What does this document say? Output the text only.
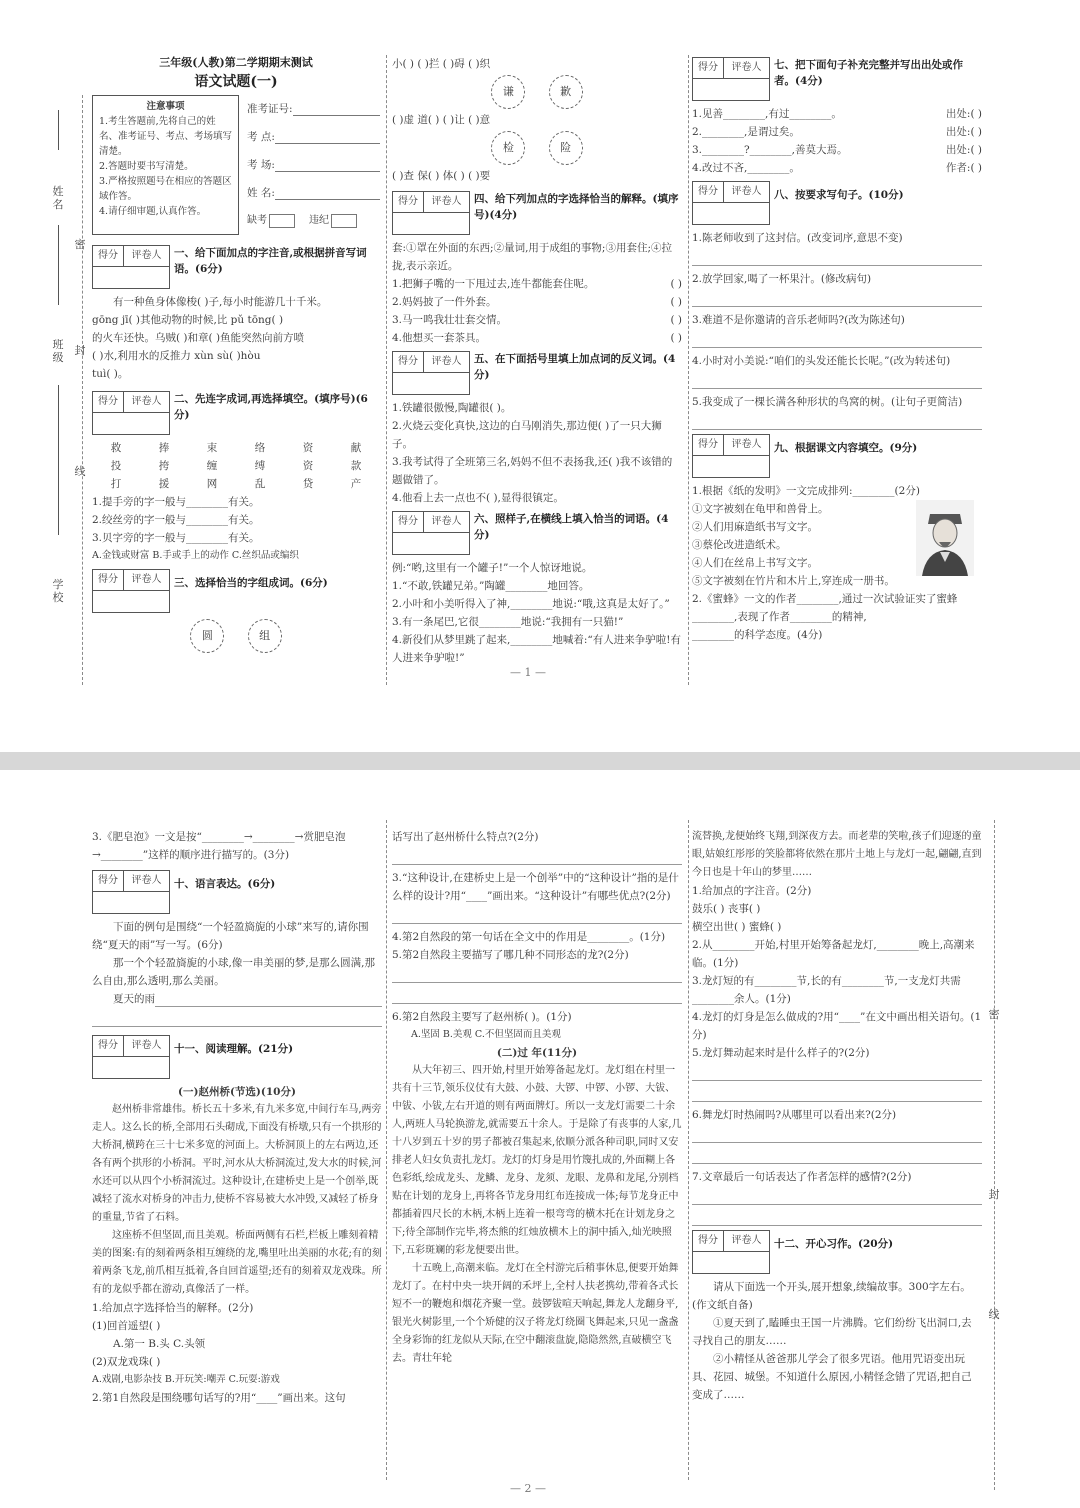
姓名
密
班级
封
线
学校
三年级(人教)第二学期期末测试
语文试题(一)
注意事项
1.考生答题前,先将自己的姓名、准考证号、考点、考场填写清楚。
2.答题时要书写清楚。
3.严格按照题号在相应的答题区域作答。
4.请仔细审题,认真作答。
准考证号:
考 点:
考 场:
姓 名:
缺考	违纪
得分	评卷人	一、给下面加点的字注音,或根据拼音写词语。(6分)

有一种鱼身体像梭( )子,每小时能游几十千米。

gōng jī( )其他动物的时候,比 pǔ tōng( )

的火车还快。乌贼( )和章( )鱼能突然向前方喷

( )水,利用水的反推力 xùn sù( )hòu

tuì( )。

得分	评卷人	二、先连字成词,再选择填空。(填序号)(6分)
救	捧	束	络	资	献
投	挎	缠	缚	资	款
打	援	网	乱	贷	产

1.提手旁的字一般与________有关。

2.绞丝旁的字一般与________有关。

3.贝字旁的字一般与________有关。

A.金钱或财富 B.手或手上的动作 C.丝织品或编织

得分	评卷人	三、选择恰当的字组成词。(6分)
圆	组

小( ) ( )拦 ( )碍 ( )织

谦	歉

( )虚 道( ) ( )让 ( )意

检	险

( )查 保( ) 体( ) ( )要

得分	评卷人	四、给下列加点的字选择恰当的解释。(填序号)(4分)

套:①罩在外面的东西;②量词,用于成组的事物;③用套住;④拉拢,表示亲近。

1.把狮子嘴的一下甩过去,连牛都能套住呢。	( )

2.妈妈披了一件外套。	( )

3.马一鸣我壮壮套交情。	( )

4.他想买一套茶具。	( )

得分	评卷人	五、在下面括号里填上加点词的反义词。(4分)

1.铁罐很傲慢,陶罐很( )。

2.火烧云变化真快,这边的白马刚消失,那边便( )了一只大狮子。

3.我考试得了全班第三名,妈妈不但不表扬我,还( )我不该错的题做错了。

4.他看上去一点也不( ),显得很镇定。

得分	评卷人	六、照样子,在横线上填入恰当的词语。(4分)

例:“哟,这里有一个罐子!”一个人惊讶地说。

1.“不敢,铁罐兄弟。”陶罐________地回答。

2.小叶和小美听得入了神,________地说:“哦,这真是太好了。”

3.有一条尾巴,它很________地说:“我拥有一只猫!”

4.新役们从梦里跳了起来,________地喊着:“有人进来争驴啦!有人进来争驴啦!”

— 1 —
得分	评卷人	七、把下面句子补充完整并写出出处或作者。(4分)

1.见善________,有过________。	出处:( )

2.________,是谓过矣。	出处:( )

3.________?________,善莫大焉。	出处:( )

4.改过不吝,________。	作者:( )

得分	评卷人	八、按要求写句子。(10分)

1.陈老师收到了这封信。(改变词序,意思不变)

2.放学回家,喝了一杯果汁。(修改病句)

3.难道不是你邀请的音乐老师吗?(改为陈述句)

4.小时对小美说:“咱们的头发还能长长呢。”(改为转述句)

5.我变成了一棵长满各种形状的鸟窝的树。(让句子更简洁)

得分	评卷人	九、根据课文内容填空。(9分)

1.根据《纸的发明》一文完成排列:________(2分)

①文字被刻在龟甲和兽骨上。

②人们用麻造纸书写文字。

③蔡伦改进造纸术。

④人们在丝帛上书写文字。

⑤文字被刻在竹片和木片上,穿连成一册书。

2.《蜜蜂》一文的作者________,通过一次试验证实了蜜蜂________,表现了作者________的精神,

________的科学态度。(4分)

3.《肥皂泡》一文是按“________→________→赏肥皂泡→________”这样的顺序进行描写的。(3分)

得分	评卷人	十、语言表达。(6分)

下面的例句是围绕“一个轻盈旖旎的小球”来写的,请你围绕“夏天的雨”写一写。(6分)

那一个个轻盈旖旎的小球,像一串美丽的梦,是那么圆满,那么自由,那么透明,那么美丽。

夏天的雨

得分	评卷人	十一、阅读理解。(21分)
(一)赵州桥(节选)(10分)

赵州桥非常雄伟。桥长五十多米,有九米多宽,中间行车马,两旁走人。这么长的桥,全部用石头砌成,下面没有桥墩,只有一个拱形的大桥洞,横跨在三十七米多宽的河面上。大桥洞顶上的左右两边,还各有两个拱形的小桥洞。平时,河水从大桥洞流过,发大水的时候,河水还可以从四个小桥洞流过。这种设计,在建桥史上是一个创举,既减轻了流水对桥身的冲击力,使桥不容易被大水冲毁,又减轻了桥身的重量,节省了石料。

这座桥不但坚固,而且美观。桥面两侧有石栏,栏板上雕刻着精美的图案:有的刻着两条相互缠绕的龙,嘴里吐出美丽的水花;有的刻着两条飞龙,前爪相互抵着,各自回首遥望;还有的刻着双龙戏珠。所有的龙似乎都在游动,真像活了一样。

1.给加点字选择恰当的解释。(2分)

(1)回首遥望( )

A.第一 B.头 C.头领

(2)双龙戏珠( )

A.戏剧,电影杂技 B.开玩笑:嘲弄 C.玩耍:游戏

2.第1自然段是围绕哪句话写的?用“____”画出来。这句

话写出了赵州桥什么特点?(2分)

3.“这种设计,在建桥史上是一个创举”中的“这种设计”指的是什么样的设计?用“____”画出来。“这种设计”有哪些优点?(2分)

4.第2自然段的第一句话在全文中的作用是________。(1分)

5.第2自然段主要描写了哪几种不同形态的龙?(2分)

6.第2自然段主要写了赵州桥( )。(1分)

A.坚固 B.美观 C.不但坚固而且美观

(二)过 年(11分)

从大年初三、四开始,村里开始筹备起龙灯。龙灯组在村里一共有十三节,领乐仪仗有大鼓、小鼓、大锣、中锣、小锣、大钹、中钹、小钹,左右开道的则有两面牌灯。所以一支龙灯需要二十余人,两班人马轮换游龙,就需要五十余人。于是除了有丧事的人家,几十八岁到五十岁的男子都被召集起来,依顺分派各种司职,同时又安排老人妇女负责扎龙灯。龙灯的灯身是用竹篾扎成的,外面糊上各色彩纸,绘成龙头、龙鳞、龙身、龙须、龙眼、龙鼻和龙尾,分别档贴在计划的龙身上,再将各节龙身用红布连接成一体;每节龙身正中都插着四尺长的木柄,木柄上连着一根弯弯的横木托在计划龙身之下;待全部制作完毕,将杰熊的红烛放横木上的洞中插入,灿光映照下,五彩斑斓的彩龙便要出世。

十五晚上,高潮来临。龙灯在全村游完后稍事休息,便要开始舞龙灯了。在村中央一块开阔的禾坪上,全村人扶老携幼,带着各式长短不一的鞭炮和烟花齐聚一堂。鼓锣钹喧天响起,舞龙人龙翻身平,银光火树影里,一个个矫健的汉子将龙灯绕圈飞舞起来,只见一盏盏全身彩饰的红龙似从天际,在空中翻滚盘旋,隐隐然然,直破横空飞去。青壮年轮

— 2 —

流替换,龙便始终飞翔,到深夜方去。而老辈的笑啦,孩子们迎逐的童眼,姑娘红彤彤的笑脸都将依然在那片土地上与龙灯一起,翩翩,直到今日也是十年山的梦里……

1.给加点的字注音。(2分)

鼓乐( ) 丧事( )

横空出世( ) 蜜蜂( )

2.从________开始,村里开始筹备起龙灯,________晚上,高潮来临。(1分)

3.龙灯短的有________节,长的有________节,一支龙灯共需________余人。(1分)

4.龙灯的灯身是怎么做成的?用“____”在文中画出相关语句。(1分)

5.龙灯舞动起来时是什么样子的?(2分)

6.舞龙灯时热闹吗?从哪里可以看出来?(2分)

7.文章最后一句话表达了作者怎样的感情?(2分)

得分	评卷人	十二、开心习作。(20分)

请从下面选一个开头,展开想象,续编故事。300字左右。(作文纸自备)

①夏天到了,瞌睡虫王国一片沸腾。它们纷纷飞出洞口,去寻找自己的朋友……

②小精怪从爸爸那儿学会了很多咒语。他用咒语变出玩具、花园、城堡。不知道什么原因,小精怪念错了咒语,把自己变成了……

密
封
线
